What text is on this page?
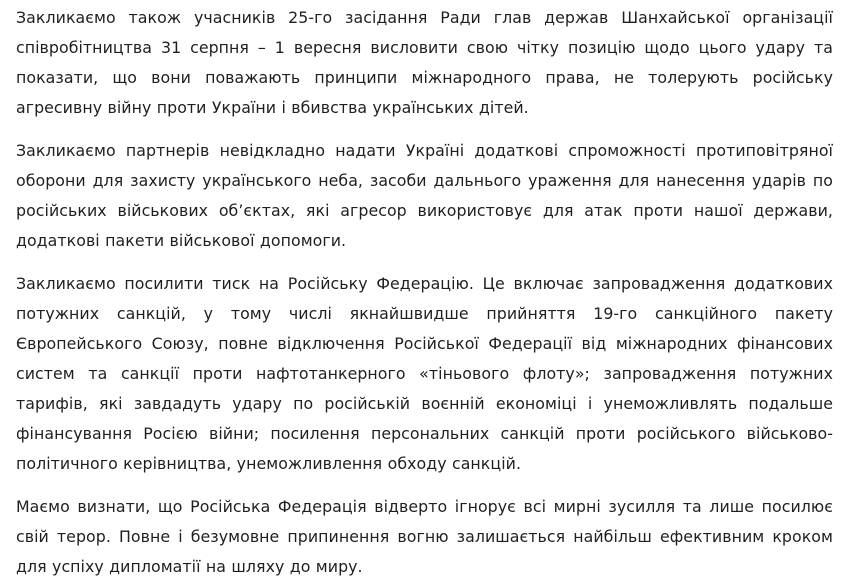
Закликаємо також учасників 25-го засідання Ради глав держав Шанхайської організації співробітництва 31 серпня – 1 вересня висловити свою чітку позицію щодо цього удару та показати, що вони поважають принципи міжнародного права, не толерують російську агресивну війну проти України і вбивства українських дітей.

Закликаємо партнерів невідкладно надати Україні додаткові спроможності протиповітряної оборони для захисту українського неба, засоби дальнього ураження для нанесення ударів по російських військових об’єктах, які агресор використовує для атак проти нашої держави, додаткові пакети військової допомоги.

Закликаємо посилити тиск на Російську Федерацію. Це включає запровадження додаткових потужних санкцій, у тому числі якнайшвидше прийняття 19-го санкційного пакету Європейського Союзу, повне відключення Російської Федерації від міжнародних фінансових систем та санкції проти нафтотанкерного «тіньового флоту»; запровадження потужних тарифів, які завдадуть удару по російській воєнній економіці і унеможливлять подальше фінансування Росією війни; посилення персональних санкцій проти російського військово-політичного керівництва, унеможливлення обходу санкцій.

Маємо визнати, що Російська Федерація відверто ігнорує всі мирні зусилля та лише посилює свій терор. Повне і безумовне припинення вогню залишається найбільш ефективним кроком для успіху дипломатії на шляху до миру.
